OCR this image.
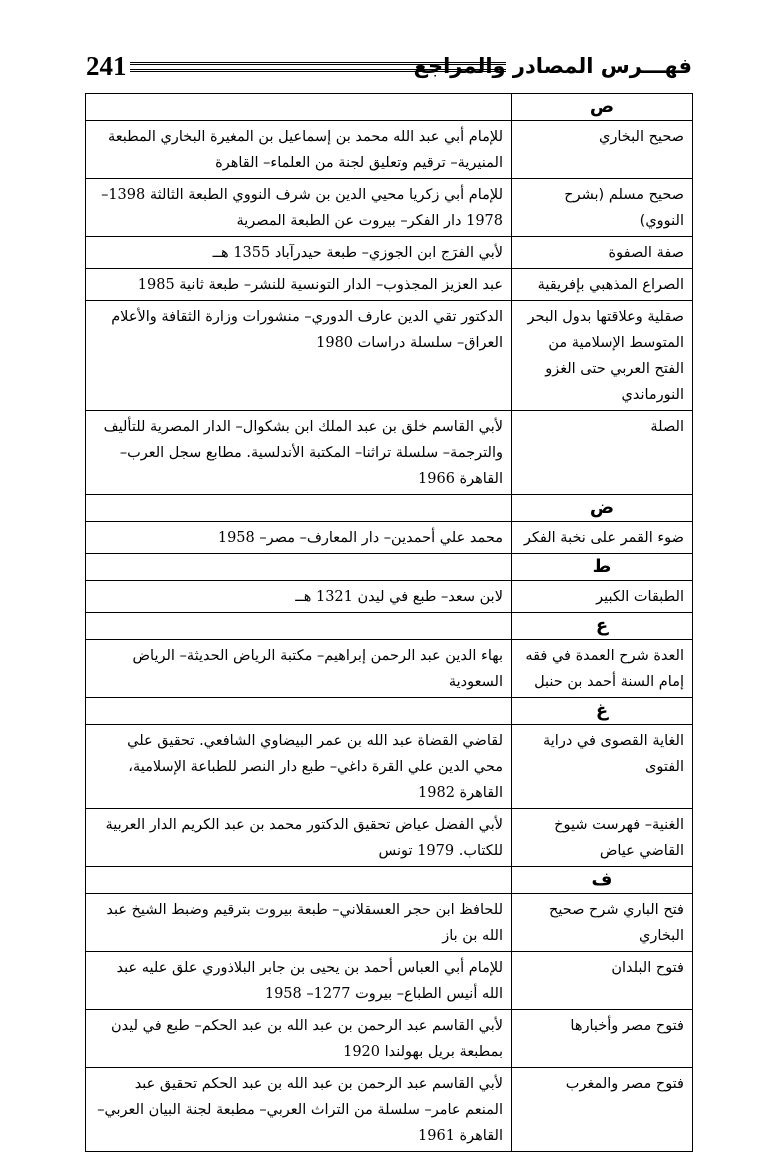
241	فهـــرس المصادر والمراجع
ص	
صحيح البخاري	للإمام أبي عبد الله محمد بن إسماعيل بن المغيرة البخاري المطبعة المنيرية– ترقيم وتعليق لجنة من العلماء– القاهرة
صحيح مسلم (بشرح النووي)	للإمام أبي زكريا محيي الدين بن شرف النووي الطبعة الثالثة 1398– 1978 دار الفكر– بيروت عن الطبعة المصرية
صفة الصفوة	لأبي الفرَج ابن الجوزي– طبعة حيدرآباد 1355 هــ
الصراع المذهبي بإفريقية	عبد العزيز المجذوب– الدار التونسية للنشر– طبعة ثانية 1985
صقلية وعلاقتها بدول البحر المتوسط الإسلامية من الفتح العربي حتى الغزو النورماندي	الدكتور تقي الدين عارف الدوري– منشورات وزارة الثقافة والأعلام العراق– سلسلة دراسات 1980
الصلة	لأبي القاسم خلق بن عبد الملك ابن بشكوال– الدار المصرية للتأليف والترجمة– سلسلة تراثنا– المكتبة الأندلسية. مطابع سجل العرب– القاهرة 1966
ض	
ضوء القمر على نخبة الفكر	محمد علي أحمدين– دار المعارف– مصر– 1958
ط	
الطبقات الكبير	لابن سعد– طبع في ليدن 1321 هــ
ع	
العدة شرح العمدة في فقه إمام السنة أحمد بن حنبل	بهاء الدين عبد الرحمن إبراهيم– مكتبة الرياض الحديثة– الرياض السعودية
غ	
الغاية القصوى في دراية الفتوى	لقاضي القضاة عبد الله بن عمر البيضاوي الشافعي. تحقيق علي محي الدين علي القرة داغي– طبع دار النصر للطباعة الإسلامية، القاهرة 1982
الغنية– فهرست شيوخ القاضي عياض	لأبي الفضل عياض تحقيق الدكتور محمد بن عبد الكريم الدار العربية للكتاب. 1979 تونس
ف	
فتح الباري شرح صحيح البخاري	للحافظ ابن حجر العسقلاني– طبعة بيروت بترقيم وضبط الشيخ عبد الله بن باز
فتوح البلدان	للإمام أبي العباس أحمد بن يحيى بن جابر البلاذوري علق عليه عبد الله أنيس الطباع– بيروت 1277– 1958
فتوح مصر وأخبارها	لأبي القاسم عبد الرحمن بن عبد الله بن عبد الحكم– طبع في ليدن بمطبعة بريل بهولندا 1920
فتوح مصر والمغرب	لأبي القاسم عبد الرحمن بن عبد الله بن عبد الحكم تحقيق عبد المنعم عامر– سلسلة من التراث العربي– مطبعة لجنة البيان العربي– القاهرة 1961
